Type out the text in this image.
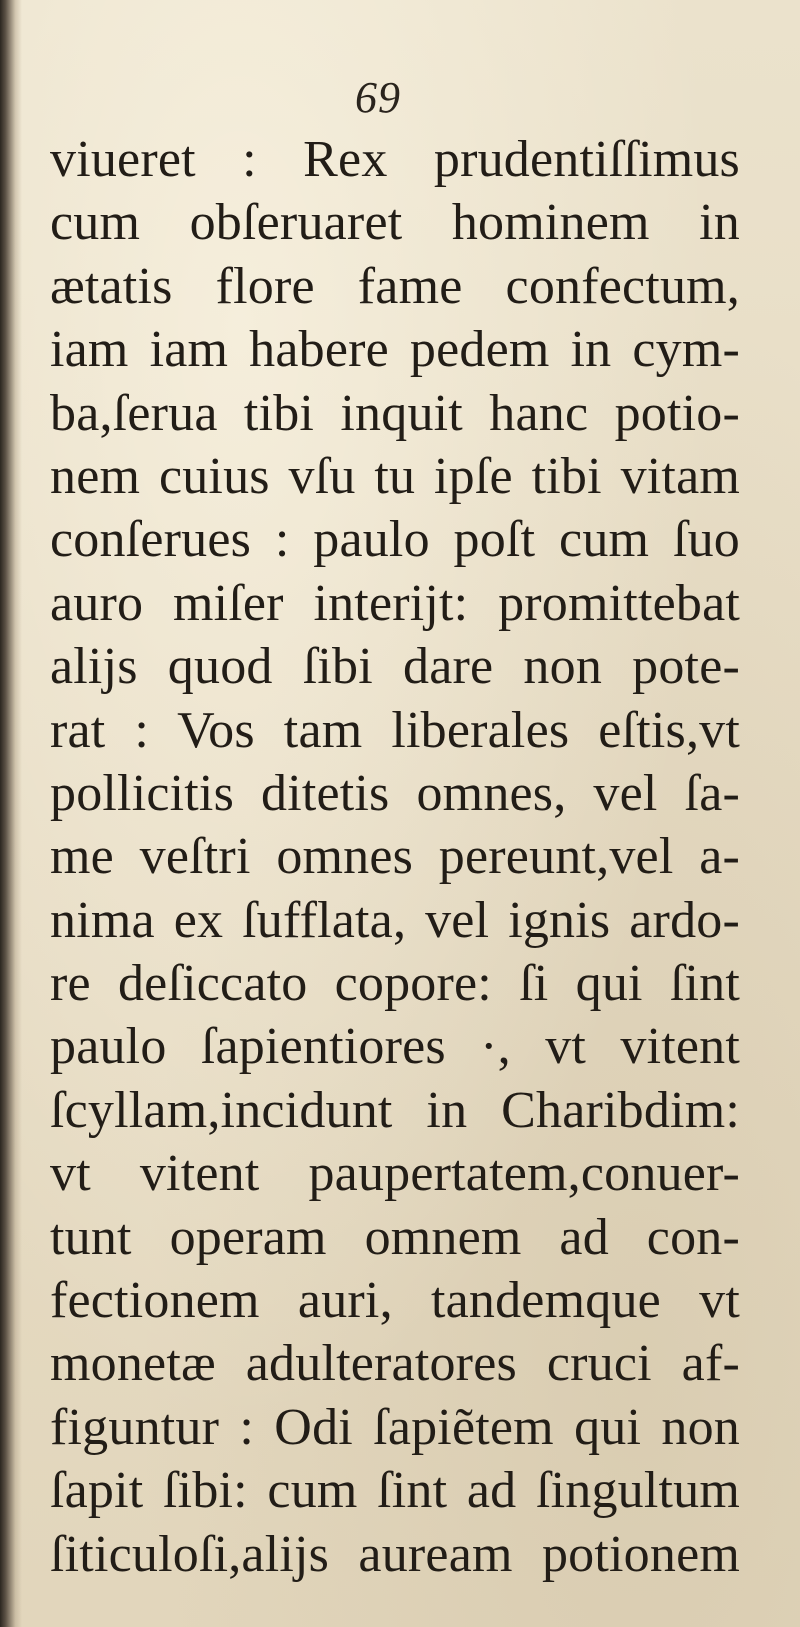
69
viueret : Rex prudentiſſimus
cum obſeruaret hominem in
ætatis flore fame confectum,
iam iam habere pedem in cym-
ba,ſerua tibi inquit hanc potio-
nem cuius vſu tu ipſe tibi vitam
conſerues : paulo poſt cum ſuo
auro miſer interijt: promittebat
alijs quod ſibi dare non pote-
rat : Vos tam liberales eſtis,vt
pollicitis ditetis omnes, vel ſa-
me veſtri omnes pereunt,vel a-
nima ex ſufflata, vel ignis ardo-
re deſiccato copore: ſi qui ſint
paulo ſapientiores ·, vt vitent
ſcyllam,incidunt in Charibdim:
vt vitent paupertatem,conuer-
tunt operam omnem ad con-
fectionem auri, tandemque vt
monetæ adulteratores cruci af-
figuntur : Odi ſapiẽtem qui non
ſapit ſibi: cum ſint ad ſingultum
ſiticuloſi,alijs auream potionem
